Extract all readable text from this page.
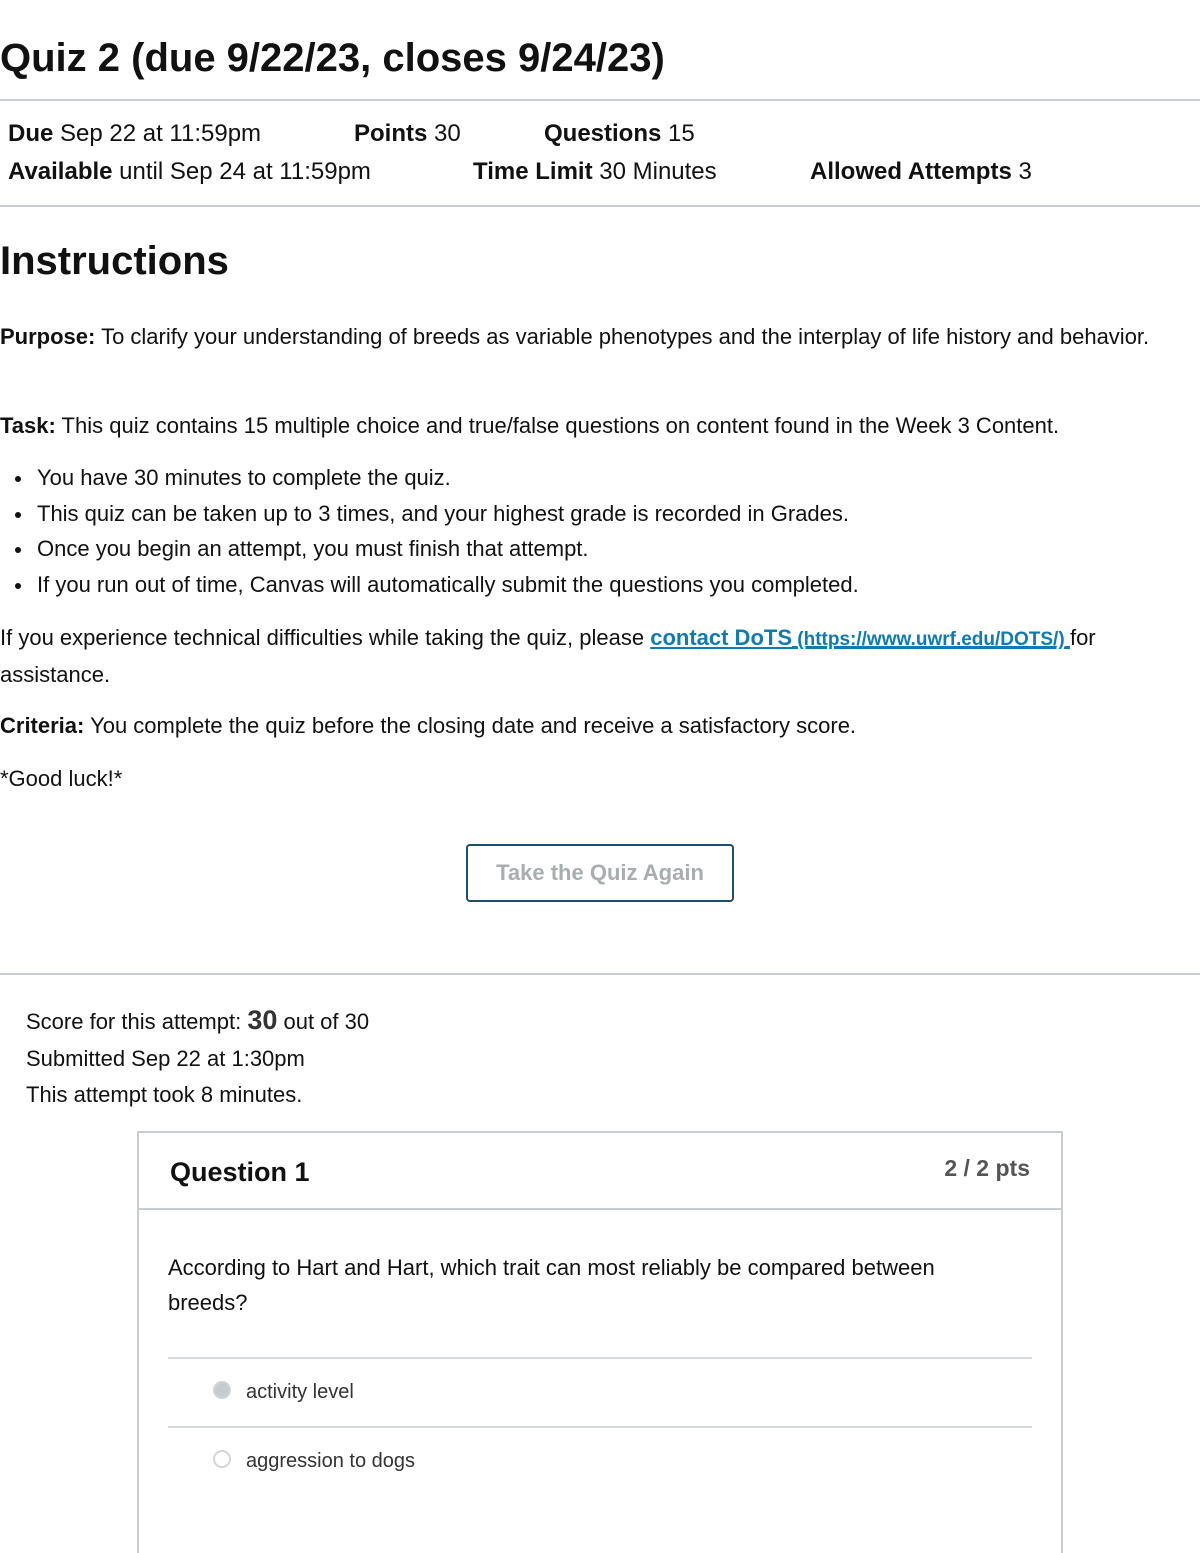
Quiz 2 (due 9/22/23, closes 9/24/23)
Due Sep 22 at 11:59pm	Points 30	Questions 15
Available until Sep 24 at 11:59pm	Time Limit 30 Minutes	Allowed Attempts 3
Instructions

Purpose: To clarify your understanding of breeds as variable phenotypes and the interplay of life history and behavior.

Task: This quiz contains 15 multiple choice and true/false questions on content found in the Week 3 Content.

You have 30 minutes to complete the quiz.
This quiz can be taken up to 3 times, and your highest grade is recorded in Grades.
Once you begin an attempt, you must finish that attempt.
If you run out of time, Canvas will automatically submit the questions you completed.

If you experience technical difficulties while taking the quiz, please contact DoTS (https://www.uwrf.edu/DOTS/) for assistance.

Criteria: You complete the quiz before the closing date and receive a satisfactory score.

*Good luck!*

Take the Quiz Again
Score for this attempt: 30 out of 30
Submitted Sep 22 at 1:30pm
This attempt took 8 minutes.
Question 1	2 / 2 pts
According to Hart and Hart, which trait can most reliably be compared between breeds?
activity level
aggression to dogs
